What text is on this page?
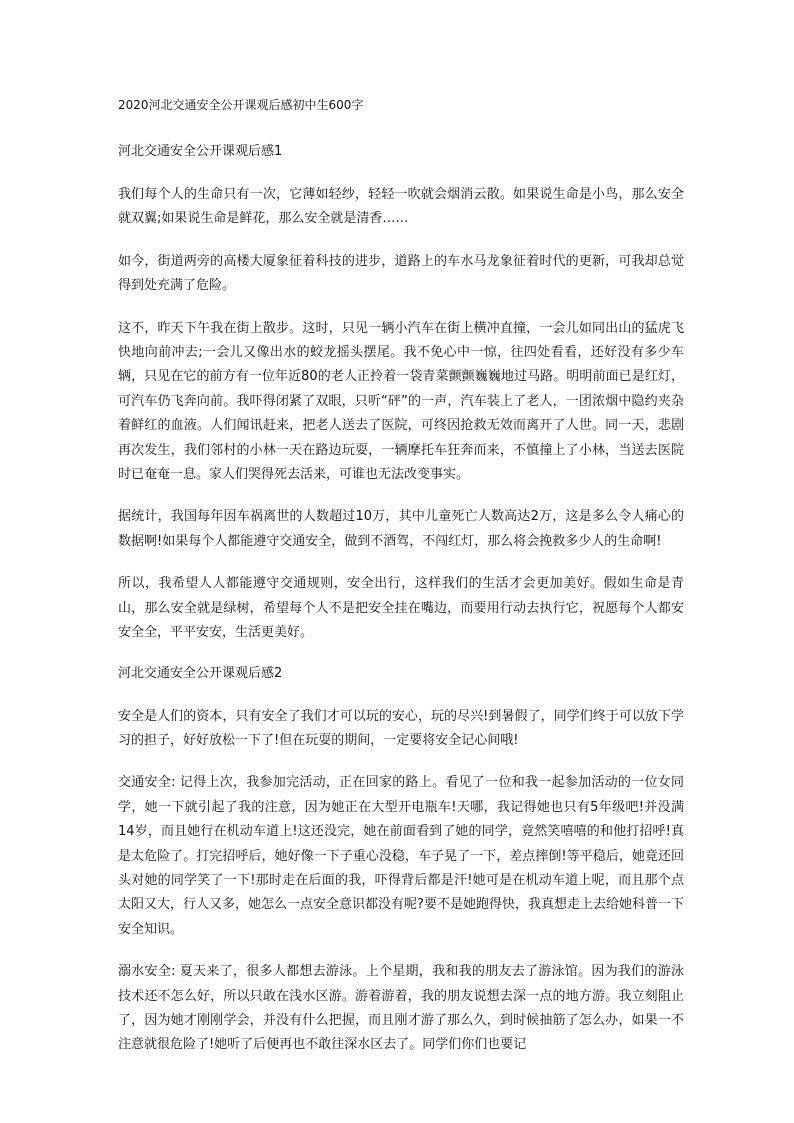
2020河北交通安全公开课观后感初中生600字
河北交通安全公开课观后感1

我们每个人的生命只有一次，它薄如轻纱，轻轻一吹就会烟消云散。如果说生命是小鸟，那么安全就双翼;如果说生命是鲜花，那么安全就是清香……

如今，街道两旁的高楼大厦象征着科技的进步，道路上的车水马龙象征着时代的更新，可我却总觉得到处充满了危险。

这不，昨天下午我在街上散步。这时，只见一辆小汽车在街上横冲直撞，一会儿如同出山的猛虎飞快地向前冲去;一会儿又像出水的蛟龙摇头摆尾。我不免心中一惊，往四处看看，还好没有多少车辆，只见在它的前方有一位年近80的老人正拎着一袋青菜颤颤巍巍地过马路。明明前面已是红灯，可汽车仍飞奔向前。我吓得闭紧了双眼，只听“砰”的一声，汽车装上了老人，一团浓烟中隐约夹杂着鲜红的血液。人们闻讯赶来，把老人送去了医院，可终因抢救无效而离开了人世。同一天，悲剧再次发生，我们邻村的小林一天在路边玩耍，一辆摩托车狂奔而来，不慎撞上了小林，当送去医院时已奄奄一息。家人们哭得死去活来，可谁也无法改变事实。

据统计，我国每年因车祸离世的人数超过10万，其中儿童死亡人数高达2万，这是多么令人痛心的数据啊!如果每个人都能遵守交通安全，做到不酒驾，不闯红灯，那么将会挽救多少人的生命啊!

所以，我希望人人都能遵守交通规则，安全出行，这样我们的生活才会更加美好。假如生命是青山，那么安全就是绿树，希望每个人不是把安全挂在嘴边，而要用行动去执行它，祝愿每个人都安安全全，平平安安，生活更美好。

河北交通安全公开课观后感2

安全是人们的资本，只有安全了我们才可以玩的安心，玩的尽兴!到暑假了，同学们终于可以放下学习的担子，好好放松一下了!但在玩耍的期间，一定要将安全记心间哦!

交通安全: 记得上次，我参加完活动，正在回家的路上。看见了一位和我一起参加活动的一位女同学，她一下就引起了我的注意，因为她正在大型开电瓶车!天哪，我记得她也只有5年级吧!并没满14岁，而且她行在机动车道上!这还没完，她在前面看到了她的同学，竟然笑嘻嘻的和他打招呼!真是太危险了。打完招呼后，她好像一下子重心没稳，车子晃了一下，差点摔倒!等平稳后，她竟还回头对她的同学笑了一下!那时走在后面的我，吓得背后都是汗!她可是在机动车道上呢，而且那个点太阳又大，行人又多，她怎么一点安全意识都没有呢?要不是她跑得快，我真想走上去给她科普一下安全知识。

溺水安全: 夏天来了，很多人都想去游泳。上个星期，我和我的朋友去了游泳馆。因为我们的游泳技术还不怎么好，所以只敢在浅水区游。游着游着，我的朋友说想去深一点的地方游。我立刻阻止了，因为她才刚刚学会，并没有什么把握，而且刚才游了那么久，到时候抽筋了怎么办，如果一不注意就很危险了!她听了后便再也不敢往深水区去了。同学们你们也要记
